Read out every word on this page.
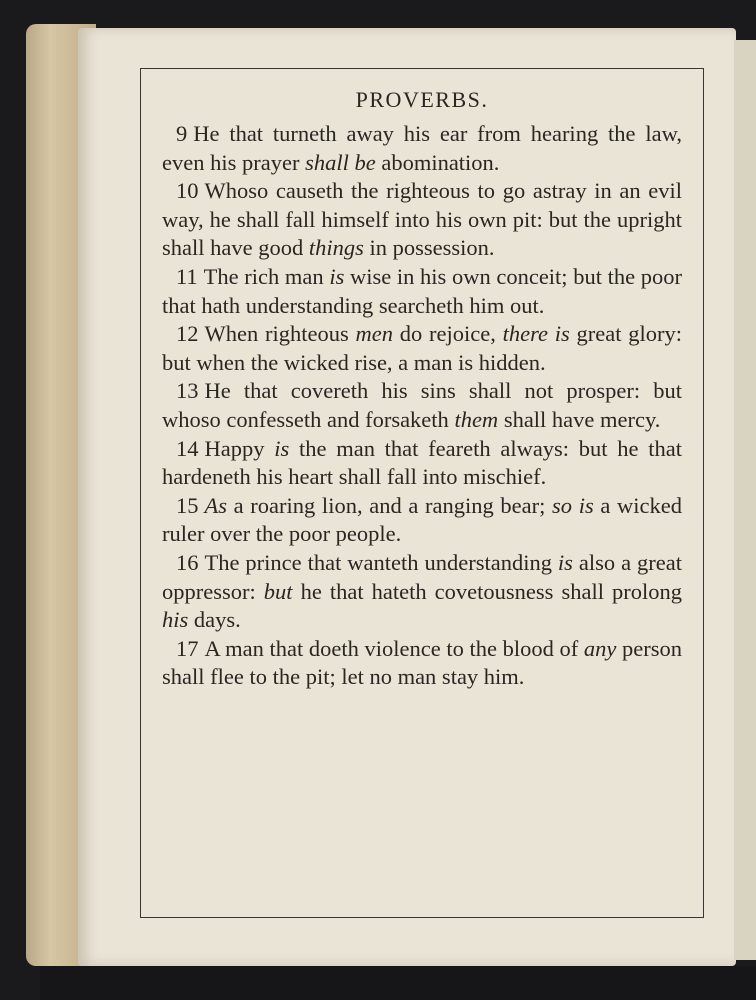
PROVERBS.

9 He that turneth away his ear from hearing the law, even his prayer shall be abomination.

10 Whoso causeth the righteous to go astray in an evil way, he shall fall himself into his own pit: but the upright shall have good things in possession.

11 The rich man is wise in his own conceit; but the poor that hath understanding searcheth him out.

12 When righteous men do rejoice, there is great glory: but when the wicked rise, a man is hidden.

13 He that covereth his sins shall not prosper: but whoso confesseth and forsaketh them shall have mercy.

14 Happy is the man that feareth always: but he that hardeneth his heart shall fall into mischief.

15 As a roaring lion, and a ranging bear; so is a wicked ruler over the poor people.

16 The prince that wanteth understanding is also a great oppressor: but he that hateth covetousness shall prolong his days.

17 A man that doeth violence to the blood of any person shall flee to the pit; let no man stay him.
